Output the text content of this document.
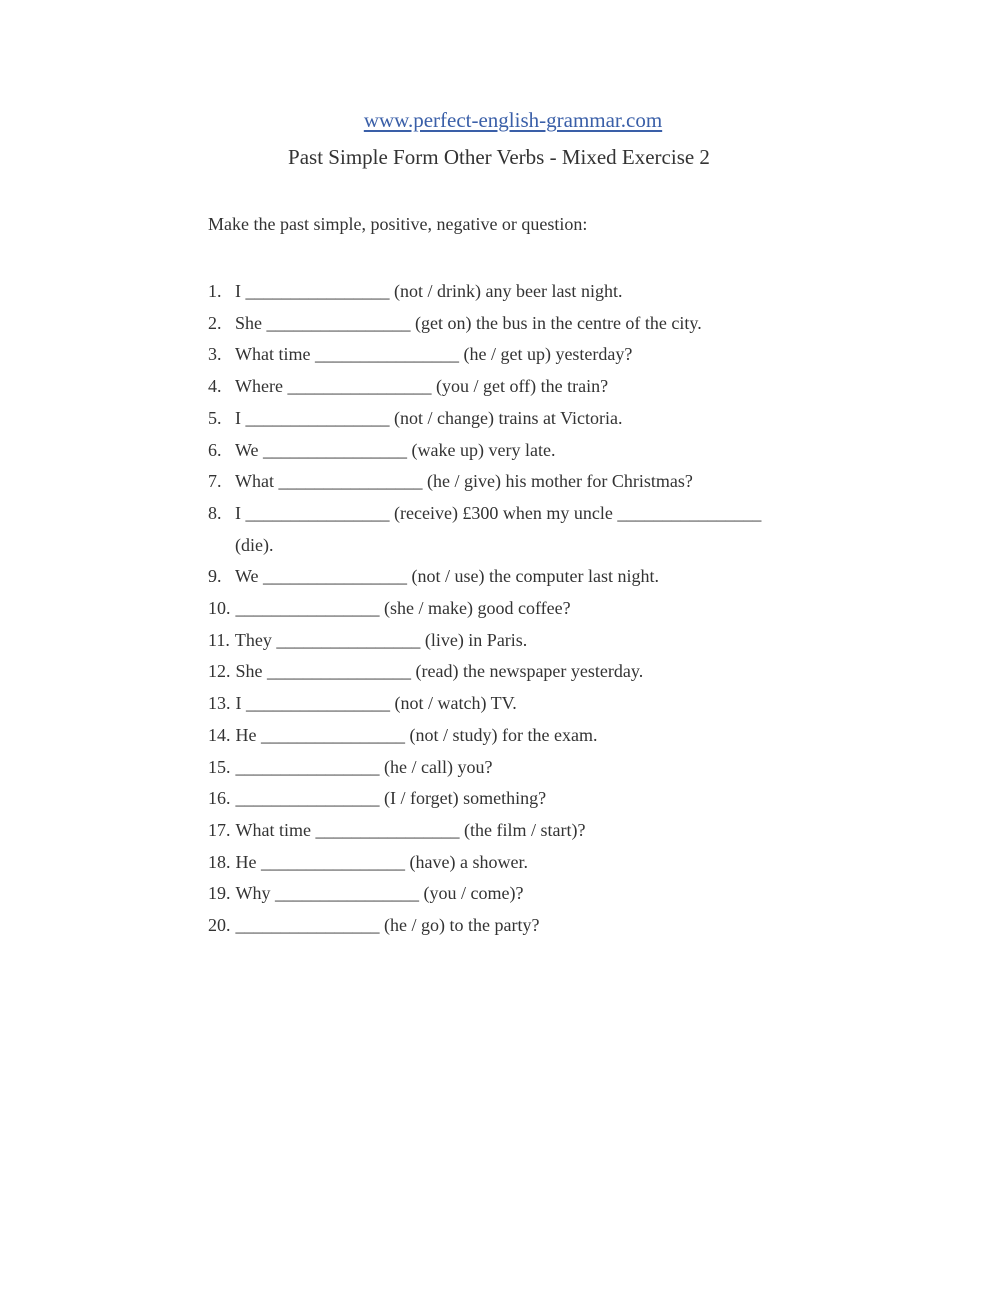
www.perfect-english-grammar.com
Past Simple Form Other Verbs - Mixed Exercise 2
Make the past simple, positive, negative or question:
1. I ________________ (not / drink) any beer last night.
2. She ________________ (get on) the bus in the centre of the city.
3. What time ________________ (he / get up) yesterday?
4. Where ________________ (you / get off) the train?
5. I ________________ (not / change) trains at Victoria.
6. We ________________ (wake up) very late.
7. What ________________ (he / give) his mother for Christmas?
8. I ________________ (receive) £300 when my uncle ________________
(die).
9. We ________________ (not / use) the computer last night.
10. ________________ (she / make) good coffee?
11. They ________________ (live) in Paris.
12. She ________________ (read) the newspaper yesterday.
13. I ________________ (not / watch) TV.
14. He ________________ (not / study) for the exam.
15. ________________ (he / call) you?
16. ________________ (I / forget) something?
17. What time ________________ (the film / start)?
18. He ________________ (have) a shower.
19. Why ________________ (you / come)?
20. ________________ (he / go) to the party?
